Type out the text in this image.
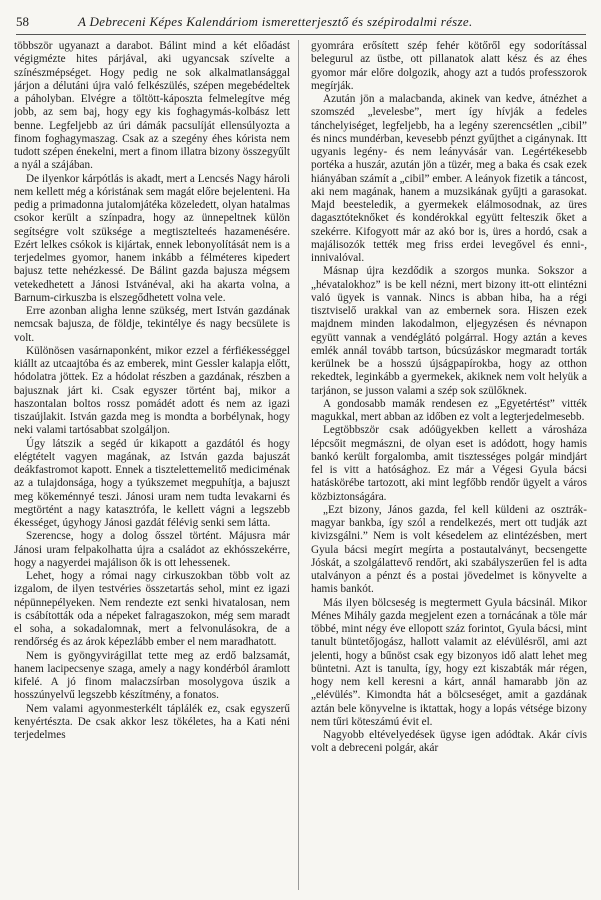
58	A Debreceni Képes Kalendáriom ismeretterjesztő és szépirodalmi része.

többször ugyanazt a darabot. Bálint mind a két előadást végigmézte hites párjával, aki ugyancsak szívelte a színészmépséget. Hogy pedig ne sok alkalmatlansággal járjon a délutáni újra való felkészülés, szépen megebédeltek a páholyban. Elvégre a töltött-káposzta felmelegítve még jobb, az sem baj, hogy egy kis foghagymás-kolbász lett benne. Legfeljebb az úri dámák pacsulíját ellensúlyozta a finom foghagymaszag. Csak az a szegény éhes kórista nem tudott szépen énekelni, mert a finom illatra bizony összegyűlt a nyál a szájában.

De ilyenkor kárpótlás is akadt, mert a Lencsés Nagy hároli nem kellett még a kóristának sem magát előre bejelenteni. Ha pedig a primadonna jutalomjátéka közeledett, olyan hatalmas csokor került a színpadra, hogy az ünnepeltnek külön segítségre volt szüksége a megtisztelteés hazamenésére. Ezért lelkes csókok is kijártak, ennek lebonyolítását nem is a terjedelmes gyomor, hanem inkább a félméteres kipedert bajusz tette nehézkessé. De Bálint gazda bajusza mégsem vetekedhetett a Jánosi Istvánéval, aki ha akarta volna, a Barnum-cirkuszba is elszegődhetett volna vele.

Erre azonban aligha lenne szükség, mert István gazdának nemcsak bajusza, de földje, tekintélye és nagy becsülete is volt.

Különösen vasárnaponként, mikor ezzel a férfiékességgel kiállt az utcaajtóba és az emberek, mint Gessler kalapja előtt, hódolatra jöttek. Ez a hódolat részben a gazdának, részben a bajusznak járt ki. Csak egyszer történt baj, mikor a haszontalan boltos rossz pomádét adott és nem az igazi tiszaújlakit. István gazda meg is mondta a borbélynak, hogy neki valami tartósabbat szolgáljon.

Úgy látszik a segéd úr kikapott a gazdától és hogy elégtételt vagyen magának, az István gazda bajuszát deákfastromot kapott. Ennek a tisztelettemelitő mediciménak az a tulajdonsága, hogy a tyúkszemet megpuhítja, a bajuszt meg kökeménnyé teszi. Jánosi uram nem tudta levakarni és megtörtént a nagy katasztrófa, le kellett vágni a legszebb ékességet, úgyhogy Jánosi gazdát félévig senki sem látta.

Szerencse, hogy a dolog ősszel történt. Májusra már Jánosi uram felpakolhatta újra a családot az ekhósszekérre, hogy a nagyerdei majálison ők is ott lehessenek.

Lehet, hogy a római nagy cirkuszokban több volt az izgalom, de ilyen testvéries összetartás sehol, mint ez igazi népünnepélyeken. Nem rendezte ezt senki hivatalosan, nem is csábították oda a népeket falragaszokon, még sem maradt el soha, a sokadalomnak, mert a felvonulásokra, de a rendőrség és az árok képezlább ember el nem maradhatott.

Nem is gyöngyvirágillat tette meg az erdő balzsamát, hanem lacipecsenye szaga, amely a nagy kondérból áramlott kifelé. A jó finom malaczsírban mosolygova úszik a hosszúnyelvű legszebb készítmény, a fonatos.

Nem valami agyonmesterkélt táplálék ez, csak egyszerű kenyértészta. De csak akkor lesz tökéletes, ha a Kati néni terjedelmes

gyomrára erősített szép fehér kötőről egy sodorítással belegurul az üstbe, ott pillanatok alatt kész és az éhes gyomor már előre dolgozik, ahogy azt a tudós professzorok megírják.

Azután jön a malacbanda, akinek van kedve, átnézhet a szomszéd „levelesbe”, mert így hívják a fedeles tánchelyiséget, legfeljebb, ha a legény szerencsétlen „cibil” és nincs mundérban, kevesebb pénzt gyűjthet a cigánynak. Itt ugyanis legény- és nem leányvásár van. Legértékesebb portéka a huszár, azután jön a tüzér, meg a baka és csak ezek hiányában számít a „cibil” ember. A leányok fizetik a táncost, aki nem magának, hanem a muzsikának gyűjti a garasokat. Majd beesteledik, a gyermekek elálmosodnak, az üres dagasztóteknőket és kondérokkal együtt felteszik őket a szekérre. Kifogyott már az akó bor is, üres a hordó, csak a majálisozók tették meg friss erdei levegővel és enni-, innivalóval.

Másnap újra kezdődik a szorgos munka. Sokszor a „hévatalokhoz” is be kell nézni, mert bizony itt-ott elintézni való ügyek is vannak. Nincs is abban hiba, ha a régi tisztviselő urakkal van az embernek sora. Hiszen ezek majdnem minden lakodalmon, eljegyzésen és névnapon együtt vannak a vendéglátó polgárral. Hogy aztán a keves emlék annál tovább tartson, búcsúzáskor megmaradt torták kerülnek be a hosszú újságpapírokba, hogy az otthon rekedtek, leginkább a gyermekek, akiknek nem volt helyük a tarjánon, se jusson valami a szép sok szülőknek.

A gondosabb mamák rendesen ez „Egyetértést” vitték magukkal, mert abban az időben ez volt a legterjedelmesebb.

Legtöbbször csak adóügyekben kellett a városháza lépcsőit megmászni, de olyan eset is adódott, hogy hamis bankó került forgalomba, amit tisztességes polgár mindjárt fel is vitt a hatósághoz. Ez már a Végesi Gyula bácsi hatáskörébe tartozott, aki mint legfőbb rendőr ügyelt a város közbiztonságára.

„Ezt bizony, János gazda, fel kell küldeni az osztrák-magyar bankba, így szól a rendelkezés, mert ott tudják azt kivizsgálni.” Nem is volt késedelem az elintézésben, mert Gyula bácsi megírt megírta a postautalványt, becsengette Jóskát, a szolgálattevő rendőrt, aki szabályszerűen fel is adta utalványon a pénzt és a postai jövedelmet is könyvelte a hamis bankót.

Más ilyen bölcseség is megtermett Gyula bácsinál. Mikor Ménes Mihály gazda megjelent ezen a tornácának a töle már többé, mint négy éve ellopott száz forintot, Gyula bácsi, mint tanult büntetőjogász, hallott valamit az elévülésről, ami azt jelenti, hogy a bűnöst csak egy bizonyos idő alatt lehet meg büntetni. Azt is tanulta, így, hogy ezt kiszabták már régen, hogy nem kell keresni a kárt, annál hamarabb jön az „elévülés”. Kimondta hát a bölcseséget, amit a gazdának aztán bele könyvelne is iktattak, hogy a lopás vétsége bizony nem tűri köteszámú évit el.

Nagyobb eltévelyedések ügyse igen adódtak. Akár cívis volt a debreceni polgár, akár
